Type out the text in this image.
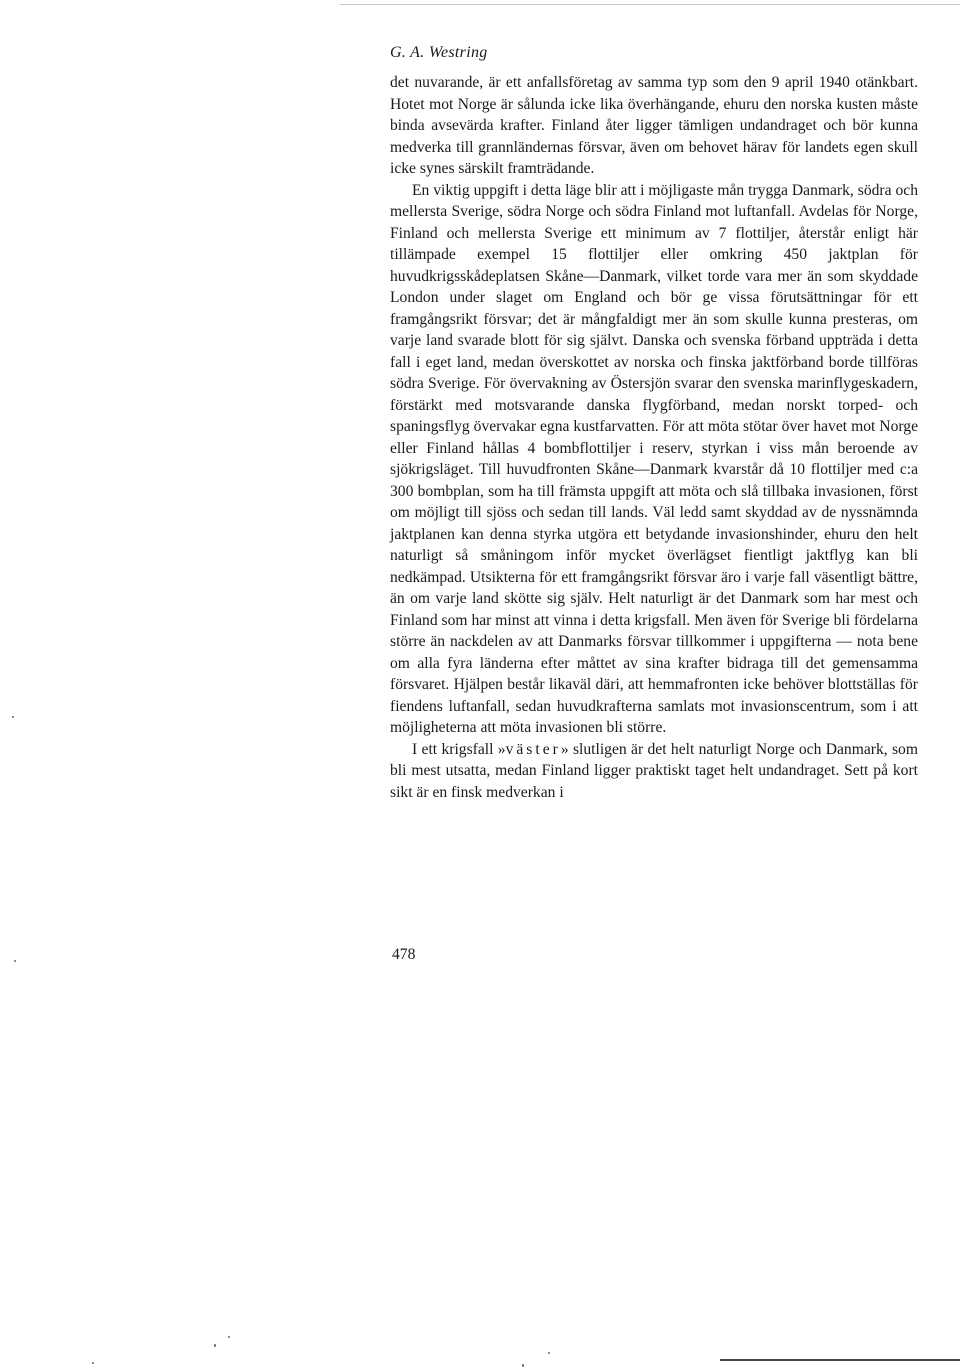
G. A. Westring

det nuvarande, är ett anfallsföretag av samma typ som den 9 april 1940 otänkbart. Hotet mot Norge är sålunda icke lika överhängande, ehuru den norska kusten måste binda avsevärda krafter. Finland åter ligger tämligen undandraget och bör kunna medverka till grannländernas försvar, även om behovet härav för landets egen skull icke synes särskilt framträdande.

En viktig uppgift i detta läge blir att i möjligaste mån trygga Danmark, södra och mellersta Sverige, södra Norge och södra Finland mot luftanfall. Avdelas för Norge, Finland och mellersta Sverige ett minimum av 7 flottiljer, återstår enligt här tillämpade exempel 15 flottiljer eller omkring 450 jaktplan för huvudkrigsskådeplatsen Skåne—Danmark, vilket torde vara mer än som skyddade London under slaget om England och bör ge vissa förutsättningar för ett framgångsrikt försvar; det är mångfaldigt mer än som skulle kunna presteras, om varje land svarade blott för sig självt. Danska och svenska förband uppträda i detta fall i eget land, medan överskottet av norska och finska jaktförband borde tillföras södra Sverige. För övervakning av Östersjön svarar den svenska marinflygeskadern, förstärkt med motsvarande danska flygförband, medan norskt torped- och spaningsflyg övervakar egna kustfarvatten. För att möta stötar över havet mot Norge eller Finland hållas 4 bombflottiljer i reserv, styrkan i viss mån beroende av sjökrigsläget. Till huvudfronten Skåne—Danmark kvarstår då 10 flottiljer med c:a 300 bombplan, som ha till främsta uppgift att möta och slå tillbaka invasionen, först om möjligt till sjöss och sedan till lands. Väl ledd samt skyddad av de nyssnämnda jaktplanen kan denna styrka utgöra ett betydande invasionshinder, ehuru den helt naturligt så småningom inför mycket överlägset fientligt jaktflyg kan bli nedkämpad. Utsikterna för ett framgångsrikt försvar äro i varje fall väsentligt bättre, än om varje land skötte sig själv. Helt naturligt är det Danmark som har mest och Finland som har minst att vinna i detta krigsfall. Men även för Sverige bli fördelarna större än nackdelen av att Danmarks försvar tillkommer i uppgifterna — nota bene om alla fyra länderna efter måttet av sina krafter bidraga till det gemensamma försvaret. Hjälpen består likaväl däri, att hemmafronten icke behöver blottställas för fiendens luftanfall, sedan huvudkrafterna samlats mot invasionscentrum, som i att möjligheterna att möta invasionen bli större.

I ett krigsfall »väster» slutligen är det helt naturligt Norge och Danmark, som bli mest utsatta, medan Finland ligger praktiskt taget helt undandraget. Sett på kort sikt är en finsk medverkan i

478
